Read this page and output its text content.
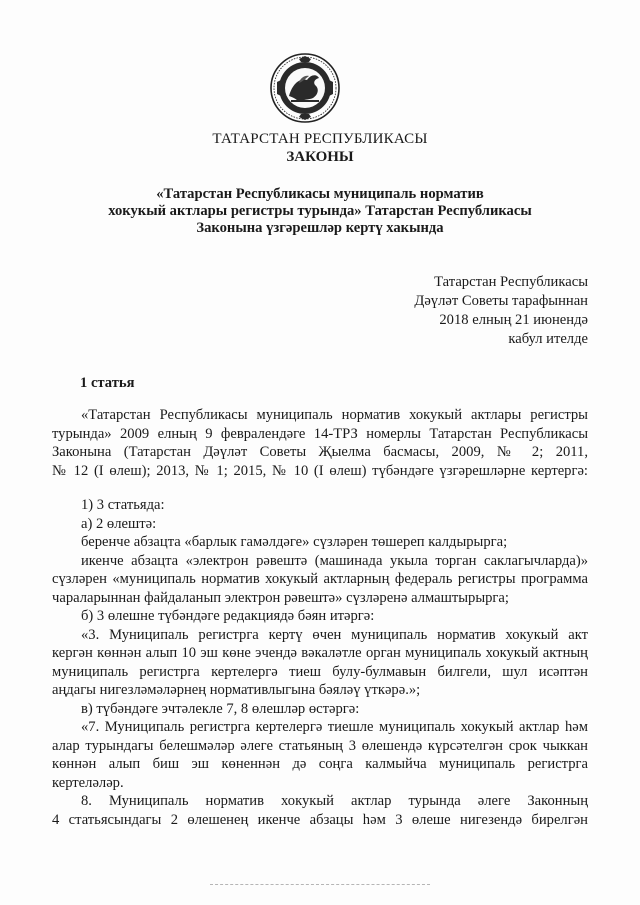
ТАТАРСТАН РЕСПУБЛИКАСЫ
ЗАКОНЫ
«Татарстан Республикасы муниципаль норматив
хокукый актлары регистры турында» Татарстан Республикасы
Законына үзгәрешләр кертү хакында
Татарстан Республикасы
Дәүләт Советы тарафыннан
2018 елның 21 июнендә
кабул ителде
1 статья
«Татарстан Республикасы муниципаль норматив хокукый актлары регистры
турында» 2009 елның 9 февралендәге 14-ТРЗ номерлы Татарстан Республикасы
Законына (Татарстан Дәүләт Советы Җыелма басмасы, 2009, № 2; 2011,
№ 12 (I өлеш); 2013, № 1; 2015, № 10 (I өлеш) түбәндәге үзгәрешләрне кертергә:
1) 3 статьяда:
а) 2 өлештә:
беренче абзацта «барлык гамәлдәге» сүзләрен төшереп калдырырга;
икенче абзацта «электрон рәвештә (машинада укыла торган саклагычларда)»
сүзләрен «муниципаль норматив хокукый актларның федераль регистры программа
чараларыннан файдаланып электрон рәвештә» сүзләренә алмаштырырга;
б) 3 өлешне түбәндәге редакциядә бәян итәргә:
«3. Муниципаль регистрга кертү өчен муниципаль норматив хокукый акт
кергән көннән алып 10 эш көне эчендә вәкаләтле орган муниципаль хокукый актның
муниципаль регистрга кертелергә тиеш булу-булмавын билгели, шул исәптән
аңдагы нигезләмәләрнең нормативлыгына бәяләү үткәрә.»;
в) түбәндәге эчтәлекле 7, 8 өлешләр өстәргә:
«7. Муниципаль регистрга кертелергә тиешле муниципаль хокукый актлар һәм
алар турындагы белешмәләр әлеге статьяның 3 өлешендә күрсәтелгән срок чыккан
көннән алып биш эш көненнән дә соңга калмыйча муниципаль регистрга
кертеләләр.
8. Муниципаль норматив хокукый актлар турында әлеге Законның
4 статьясындагы 2 өлешенең икенче абзацы һәм 3 өлеше нигезендә бирелгән
